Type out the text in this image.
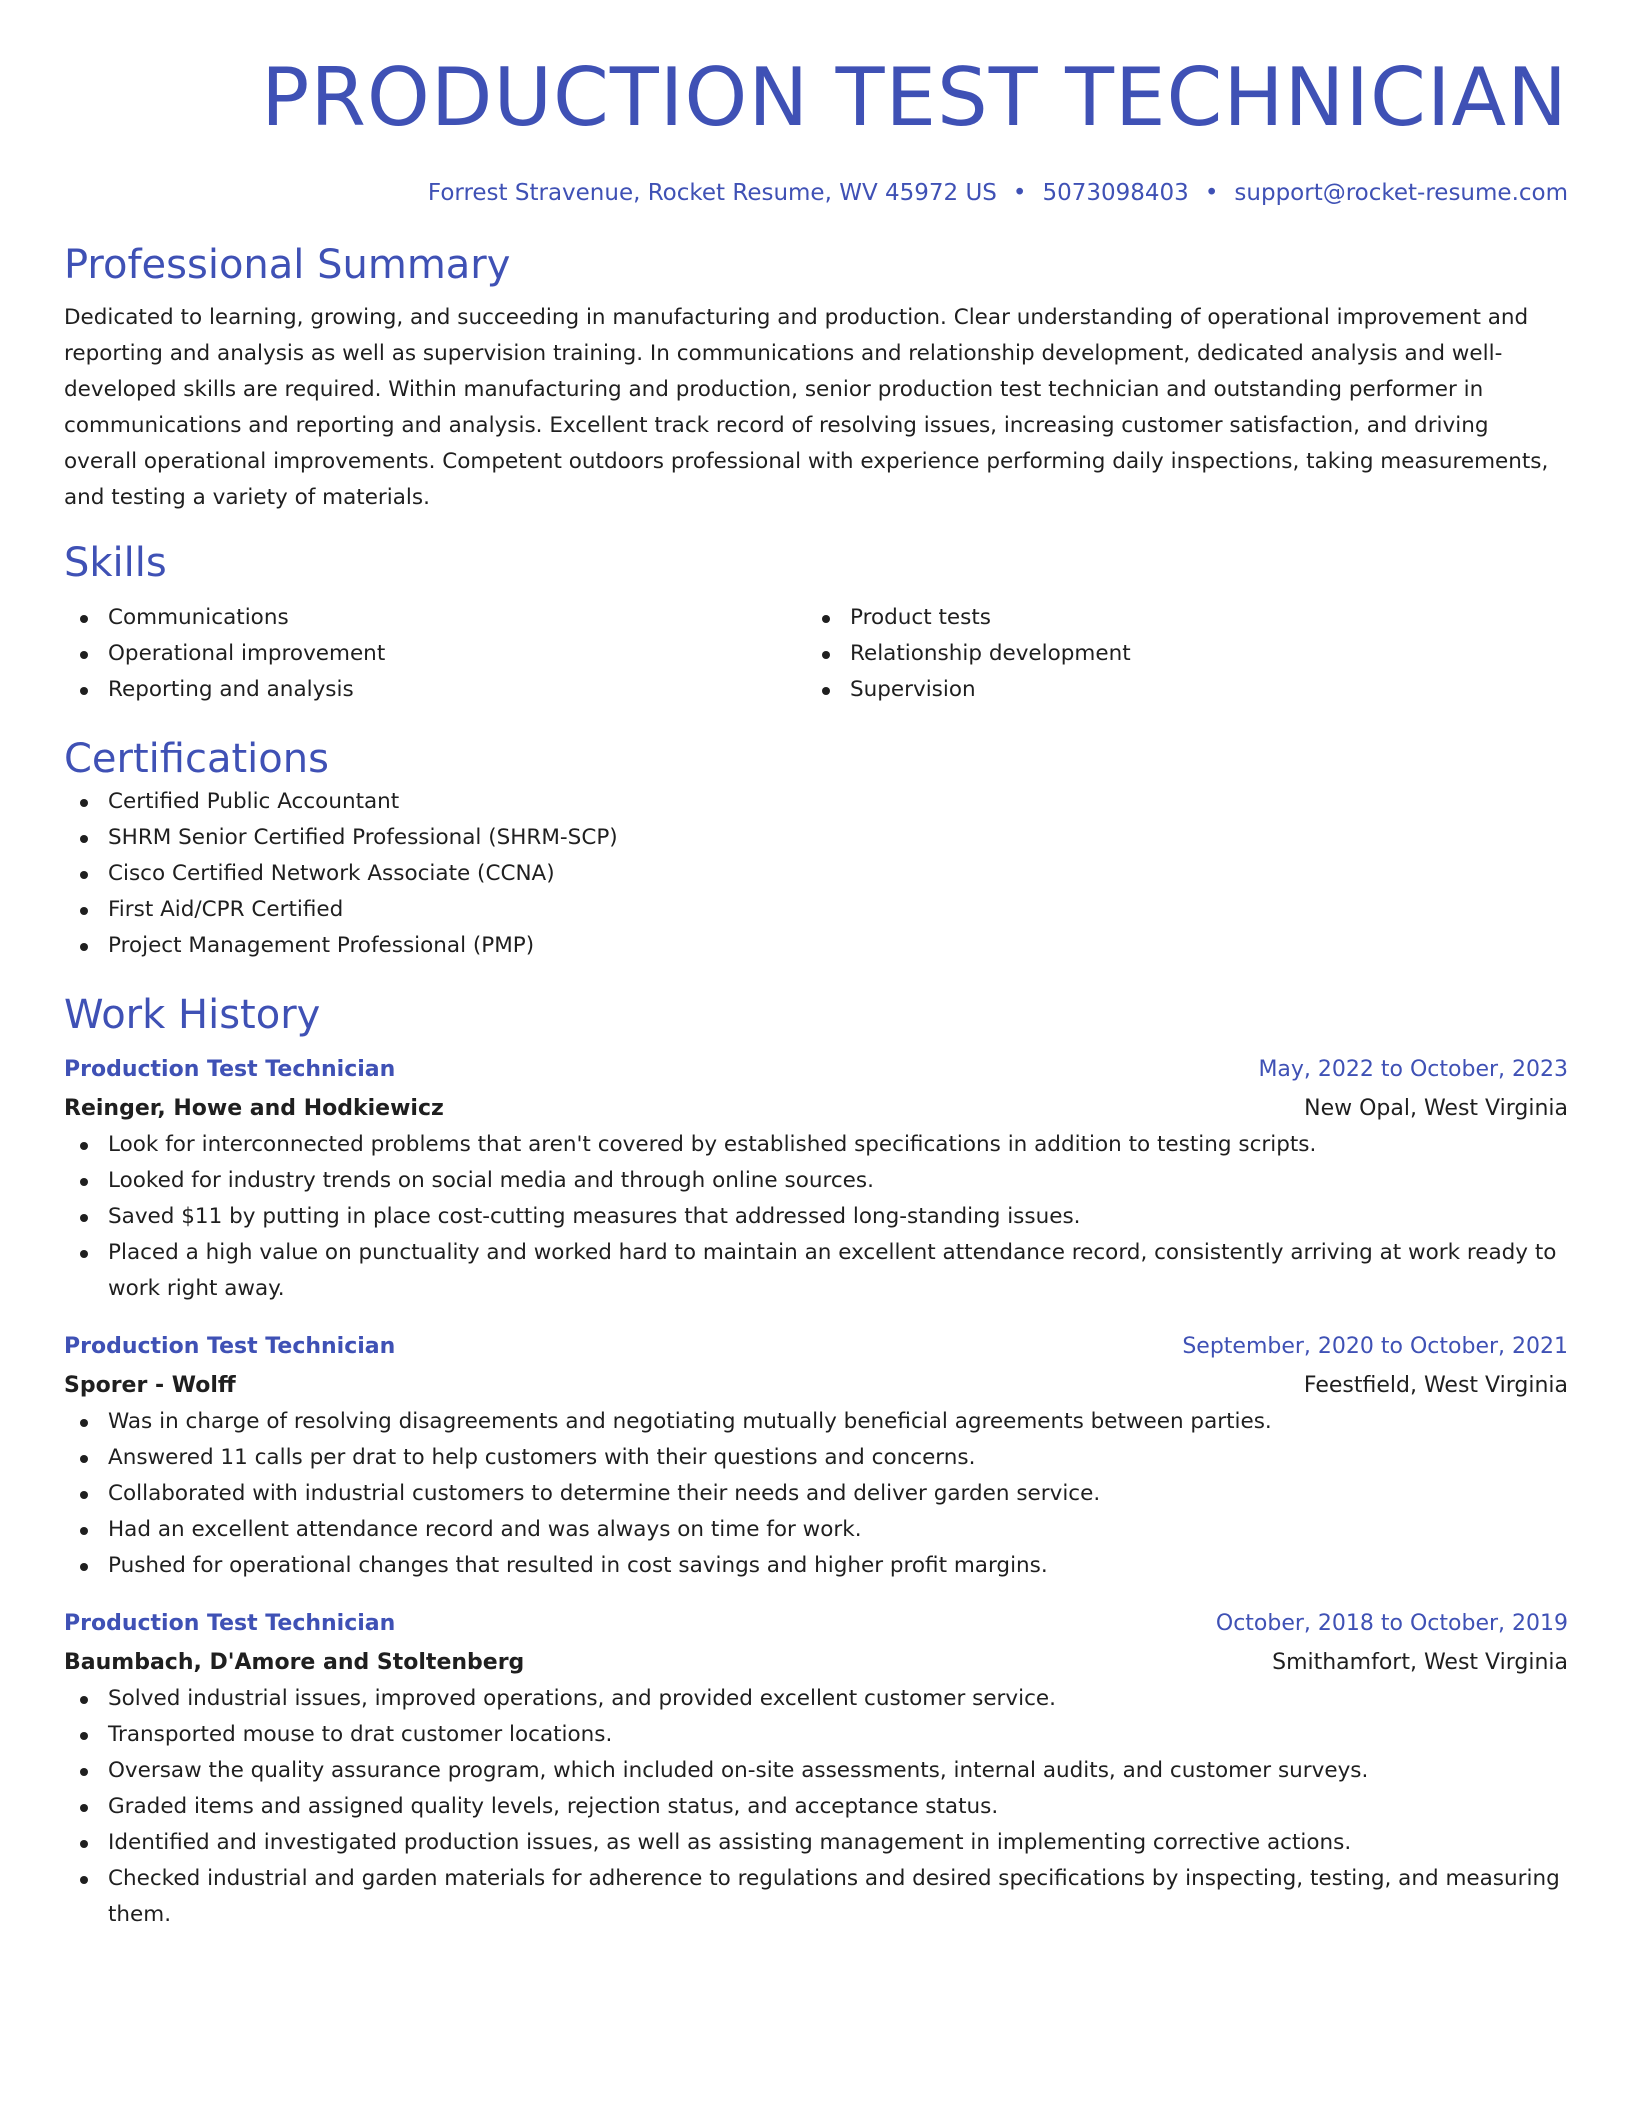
PRODUCTION TEST TECHNICIAN
Forrest Stravenue, Rocket Resume, WV 45972 US • 5073098403 • support@rocket-resume.com
Professional Summary
Dedicated to learning, growing, and succeeding in manufacturing and production. Clear understanding of operational improvement and reporting and analysis as well as supervision training. In communications and relationship development, dedicated analysis and well-developed skills are required. Within manufacturing and production, senior production test technician and outstanding performer in communications and reporting and analysis. Excellent track record of resolving issues, increasing customer satisfaction, and driving overall operational improvements. Competent outdoors professional with experience performing daily inspections, taking measurements, and testing a variety of materials.
Skills
Communications
Operational improvement
Reporting and analysis
Product tests
Relationship development
Supervision
Certifications
Certified Public Accountant
SHRM Senior Certified Professional (SHRM-SCP)
Cisco Certified Network Associate (CCNA)
First Aid/CPR Certified
Project Management Professional (PMP)
Work History
Production Test Technician	May, 2022 to October, 2023
Reinger, Howe and Hodkiewicz	New Opal, West Virginia
Look for interconnected problems that aren't covered by established specifications in addition to testing scripts.
Looked for industry trends on social media and through online sources.
Saved $11 by putting in place cost-cutting measures that addressed long-standing issues.
Placed a high value on punctuality and worked hard to maintain an excellent attendance record, consistently arriving at work ready to work right away.
Production Test Technician	September, 2020 to October, 2021
Sporer - Wolff	Feestfield, West Virginia
Was in charge of resolving disagreements and negotiating mutually beneficial agreements between parties.
Answered 11 calls per drat to help customers with their questions and concerns.
Collaborated with industrial customers to determine their needs and deliver garden service.
Had an excellent attendance record and was always on time for work.
Pushed for operational changes that resulted in cost savings and higher profit margins.
Production Test Technician	October, 2018 to October, 2019
Baumbach, D'Amore and Stoltenberg	Smithamfort, West Virginia
Solved industrial issues, improved operations, and provided excellent customer service.
Transported mouse to drat customer locations.
Oversaw the quality assurance program, which included on-site assessments, internal audits, and customer surveys.
Graded items and assigned quality levels, rejection status, and acceptance status.
Identified and investigated production issues, as well as assisting management in implementing corrective actions.
Checked industrial and garden materials for adherence to regulations and desired specifications by inspecting, testing, and measuring them.
